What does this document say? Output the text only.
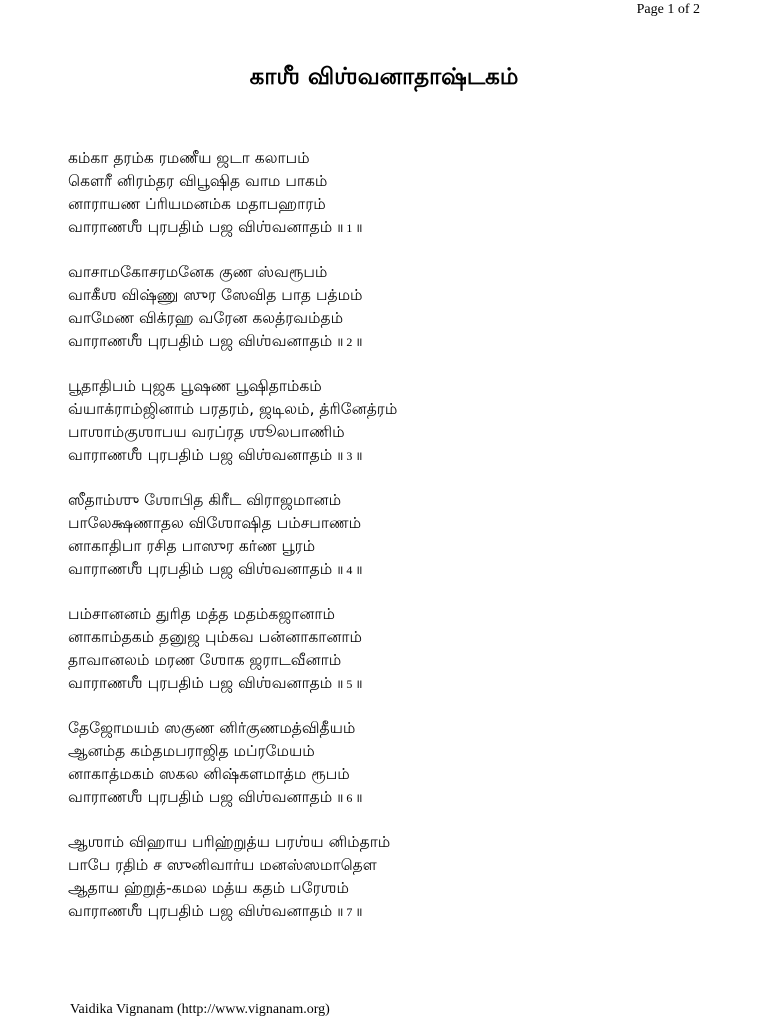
Page 1 of 2
காஶீ விஶ்வனாதாஷ்டகம்
கம்கா தரம்க ரமணீய ஜடா கலாபம்
கௌரீ னிரம்தர விபூஷித வாம பாகம்
னாராயண ப்ரியமனம்க மதாபஹாரம்
வாராணஶீ புரபதிம் பஜ விஶ்வனாதம் ॥ 1 ॥
வாசாமகோசரமனேக குண ஸ்வரூபம்
வாகீஶ விஷ்ணு ஸுர ஸேவித பாத பத்மம்
வாமேண விக்ரஹ வரேன கலத்ரவம்தம்
வாராணஶீ புரபதிம் பஜ விஶ்வனாதம் ॥ 2 ॥
பூதாதிபம் புஜக பூஷண பூஷிதாம்கம்
வ்யாக்ராம்ஜினாம் பரதரம், ஜடிலம், த்ரினேத்ரம்
பாஶாம்குஶாபய வரப்ரத ஶூலபாணிம்
வாராணஶீ புரபதிம் பஜ விஶ்வனாதம் ॥ 3 ॥
ஸீதாம்ஶு ஶோபித கிரீட விராஜமானம்
பாலேக்ஷணாதல விஶோஷித பம்சபாணம்
னாகாதிபா ரசித பாஸுர கர்ண பூரம்
வாராணஶீ புரபதிம் பஜ விஶ்வனாதம் ॥ 4 ॥
பம்சானனம் துரித மத்த மதம்கஜானாம்
னாகாம்தகம் தனுஜ பும்கவ பன்னாகானாம்
தாவானலம் மரண ஶோக ஜராடவீனாம்
வாராணஶீ புரபதிம் பஜ விஶ்வனாதம் ॥ 5 ॥
தேஜோமயம் ஸகுண னிர்குணமத்விதீயம்
ஆனம்த கம்தமபராஜித மப்ரமேயம்
னாகாத்மகம் ஸகல னிஷ்களமாத்ம ரூபம்
வாராணஶீ புரபதிம் பஜ விஶ்வனாதம் ॥ 6 ॥
ஆஶாம் விஹாய பரிஹ்றுத்ய பரஶ்ய னிம்தாம்
பாபே ரதிம் ச ஸுனிவார்ய மனஸ்ஸமாதௌ
ஆதாய ஹ்றுத்-கமல மத்ய கதம் பரேஶம்
வாராணஶீ புரபதிம் பஜ விஶ்வனாதம் ॥ 7 ॥
Vaidika Vignanam (http://www.vignanam.org)
